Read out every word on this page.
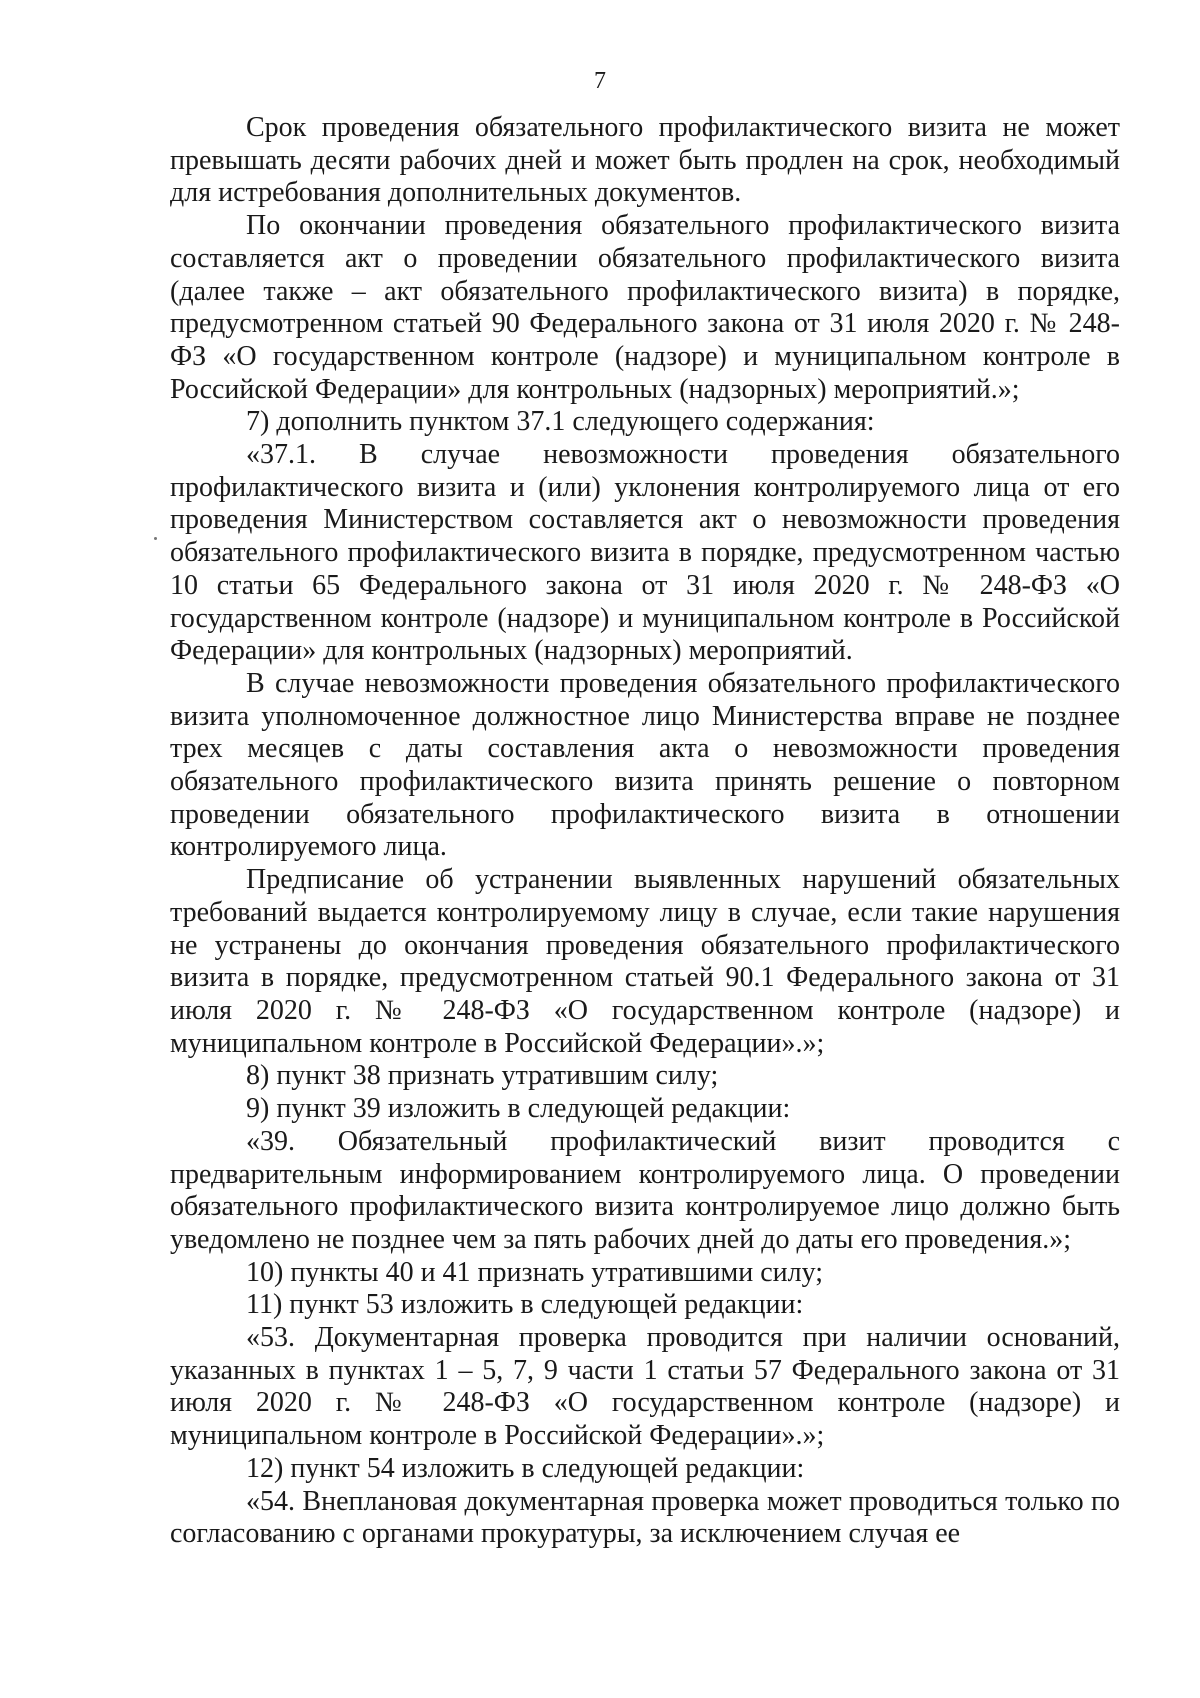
7

Срок проведения обязательного профилактического визита не может превышать десяти рабочих дней и может быть продлен на срок, необходимый для истребования дополнительных документов.

По окончании проведения обязательного профилактического визита составляется акт о проведении обязательного профилактического визита (далее также – акт обязательного профилактического визита) в порядке, предусмотренном статьей 90 Федерального закона от 31 июля 2020 г. № 248-ФЗ «О государственном контроле (надзоре) и муниципальном контроле в Российской Федерации» для контрольных (надзорных) мероприятий.»;

7) дополнить пунктом 37.1 следующего содержания:

«37.1. В случае невозможности проведения обязательного профилактического визита и (или) уклонения контролируемого лица от его проведения Министерством составляется акт о невозможности проведения обязательного профилактического визита в порядке, предусмотренном частью 10 статьи 65 Федерального закона от 31 июля 2020 г. № 248-ФЗ «О государственном контроле (надзоре) и муниципальном контроле в Российской Федерации» для контрольных (надзорных) мероприятий.

В случае невозможности проведения обязательного профилактического визита уполномоченное должностное лицо Министерства вправе не позднее трех месяцев с даты составления акта о невозможности проведения обязательного профилактического визита принять решение о повторном проведении обязательного профилактического визита в отношении контролируемого лица.

Предписание об устранении выявленных нарушений обязательных требований выдается контролируемому лицу в случае, если такие нарушения не устранены до окончания проведения обязательного профилактического визита в порядке, предусмотренном статьей 90.1 Федерального закона от 31 июля 2020 г. № 248-ФЗ «О государственном контроле (надзоре) и муниципальном контроле в Российской Федерации».»;

8) пункт 38 признать утратившим силу;

9) пункт 39 изложить в следующей редакции:

«39. Обязательный профилактический визит проводится с предварительным информированием контролируемого лица. О проведении обязательного профилактического визита контролируемое лицо должно быть уведомлено не позднее чем за пять рабочих дней до даты его проведения.»;

10) пункты 40 и 41 признать утратившими силу;

11) пункт 53 изложить в следующей редакции:

«53. Документарная проверка проводится при наличии оснований, указанных в пунктах 1 – 5, 7, 9 части 1 статьи 57 Федерального закона от 31 июля 2020 г. № 248-ФЗ «О государственном контроле (надзоре) и муниципальном контроле в Российской Федерации».»;

12) пункт 54 изложить в следующей редакции:

«54. Внеплановая документарная проверка может проводиться только по согласованию с органами прокуратуры, за исключением случая ее
